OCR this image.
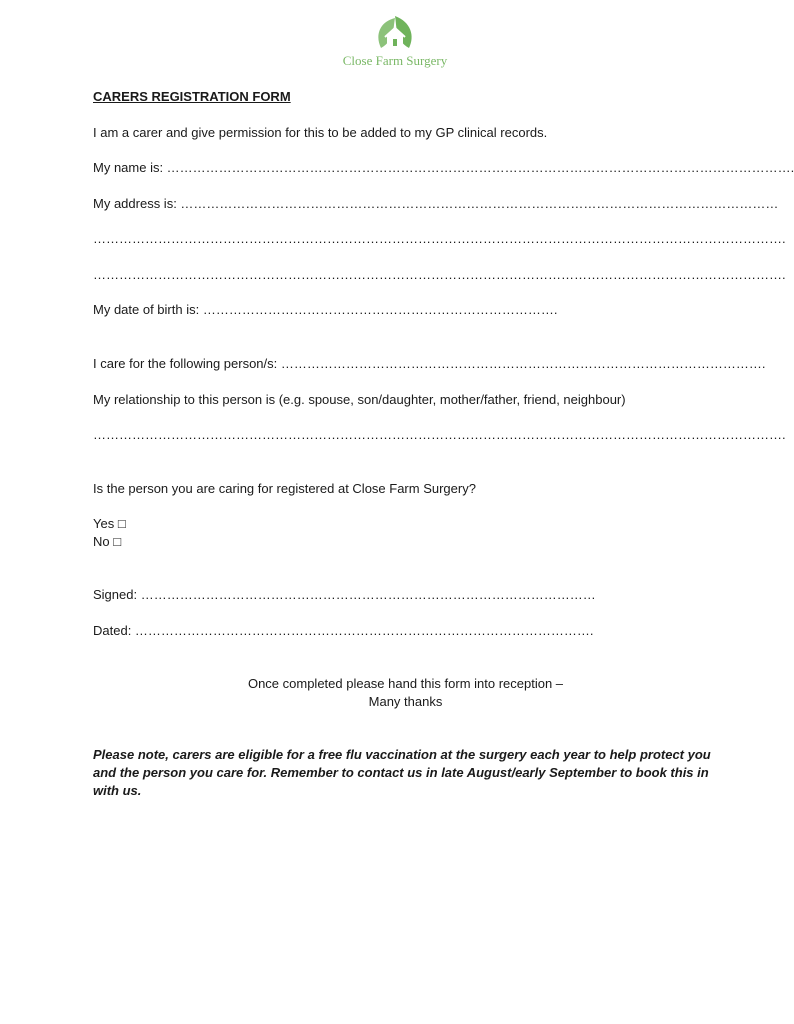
Close Farm Surgery
CARERS REGISTRATION FORM
I am a carer and give permission for this to be added to my GP clinical records.
My name is: ……………………………………………………………………………………………………………………………….
My address is: …………………………………………………………………………………………………………………………
…………………………………………………………………………………………………………………………………………….
…………………………………………………………………………………………………………………………………………….
My date of birth is: ……………………………………………………………………….
I care for the following person/s: ………………………………………………………………………………………………….
My relationship to this person is (e.g. spouse, son/daughter, mother/father, friend, neighbour)
…………………………………………………………………………………………………………………………………………….
Is the person you are caring for registered at Close Farm Surgery?
Yes □
No □
Signed: ……………………………………………………………………………………………
Dated: …………………………………………………………………………………………….
Once completed please hand this form into reception –
Many thanks
Please note, carers are eligible for a free flu vaccination at the surgery each year to help protect you and the person you care for. Remember to contact us in late August/early September to book this in with us.
